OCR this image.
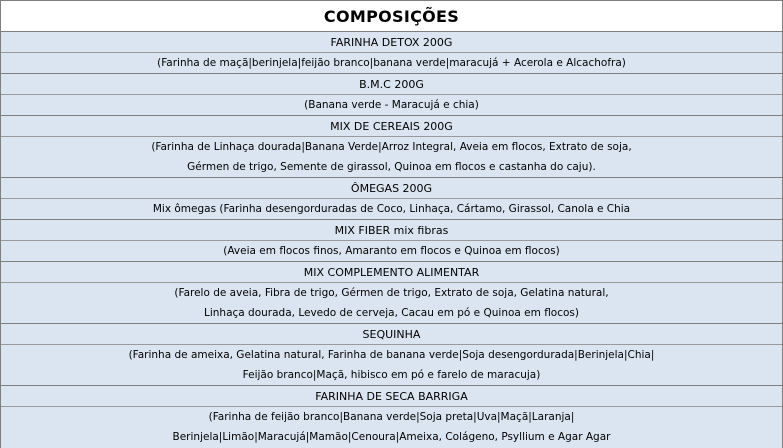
COMPOSIÇÕES
FARINHA DETOX 200G
(Farinha de maçã|berinjela|feijão branco|banana verde|maracujá + Acerola e Alcachofra)
B.M.C 200G
(Banana verde - Maracujá e chia)
MIX DE CEREAIS 200G
(Farinha de Linhaça dourada|Banana Verde|Arroz Integral, Aveia em flocos, Extrato de soja,
Gérmen de trigo, Semente de girassol, Quinoa em flocos e castanha do caju).
ÔMEGAS 200G
Mix ômegas (Farinha desengorduradas de Coco, Linhaça, Cártamo, Girassol, Canola e Chia
MIX FIBER mix fibras
(Aveia em flocos finos, Amaranto em flocos e Quinoa em flocos)
MIX COMPLEMENTO ALIMENTAR
(Farelo de aveia, Fibra de trigo, Gérmen de trigo, Extrato de soja, Gelatina natural,
Linhaça dourada, Levedo de cerveja, Cacau em pó e Quinoa em flocos)
SEQUINHA
(Farinha de ameixa, Gelatina natural, Farinha de banana verde|Soja desengordurada|Berinjela|Chia|
Feijão branco|Maçã, hibisco em pó e farelo de maracuja)
FARINHA DE SECA BARRIGA
(Farinha de feijão branco|Banana verde|Soja preta|Uva|Maçã|Laranja|
Berinjela|Limão|Maracujá|Mamão|Cenoura|Ameixa, Colágeno, Psyllium e Agar Agar
